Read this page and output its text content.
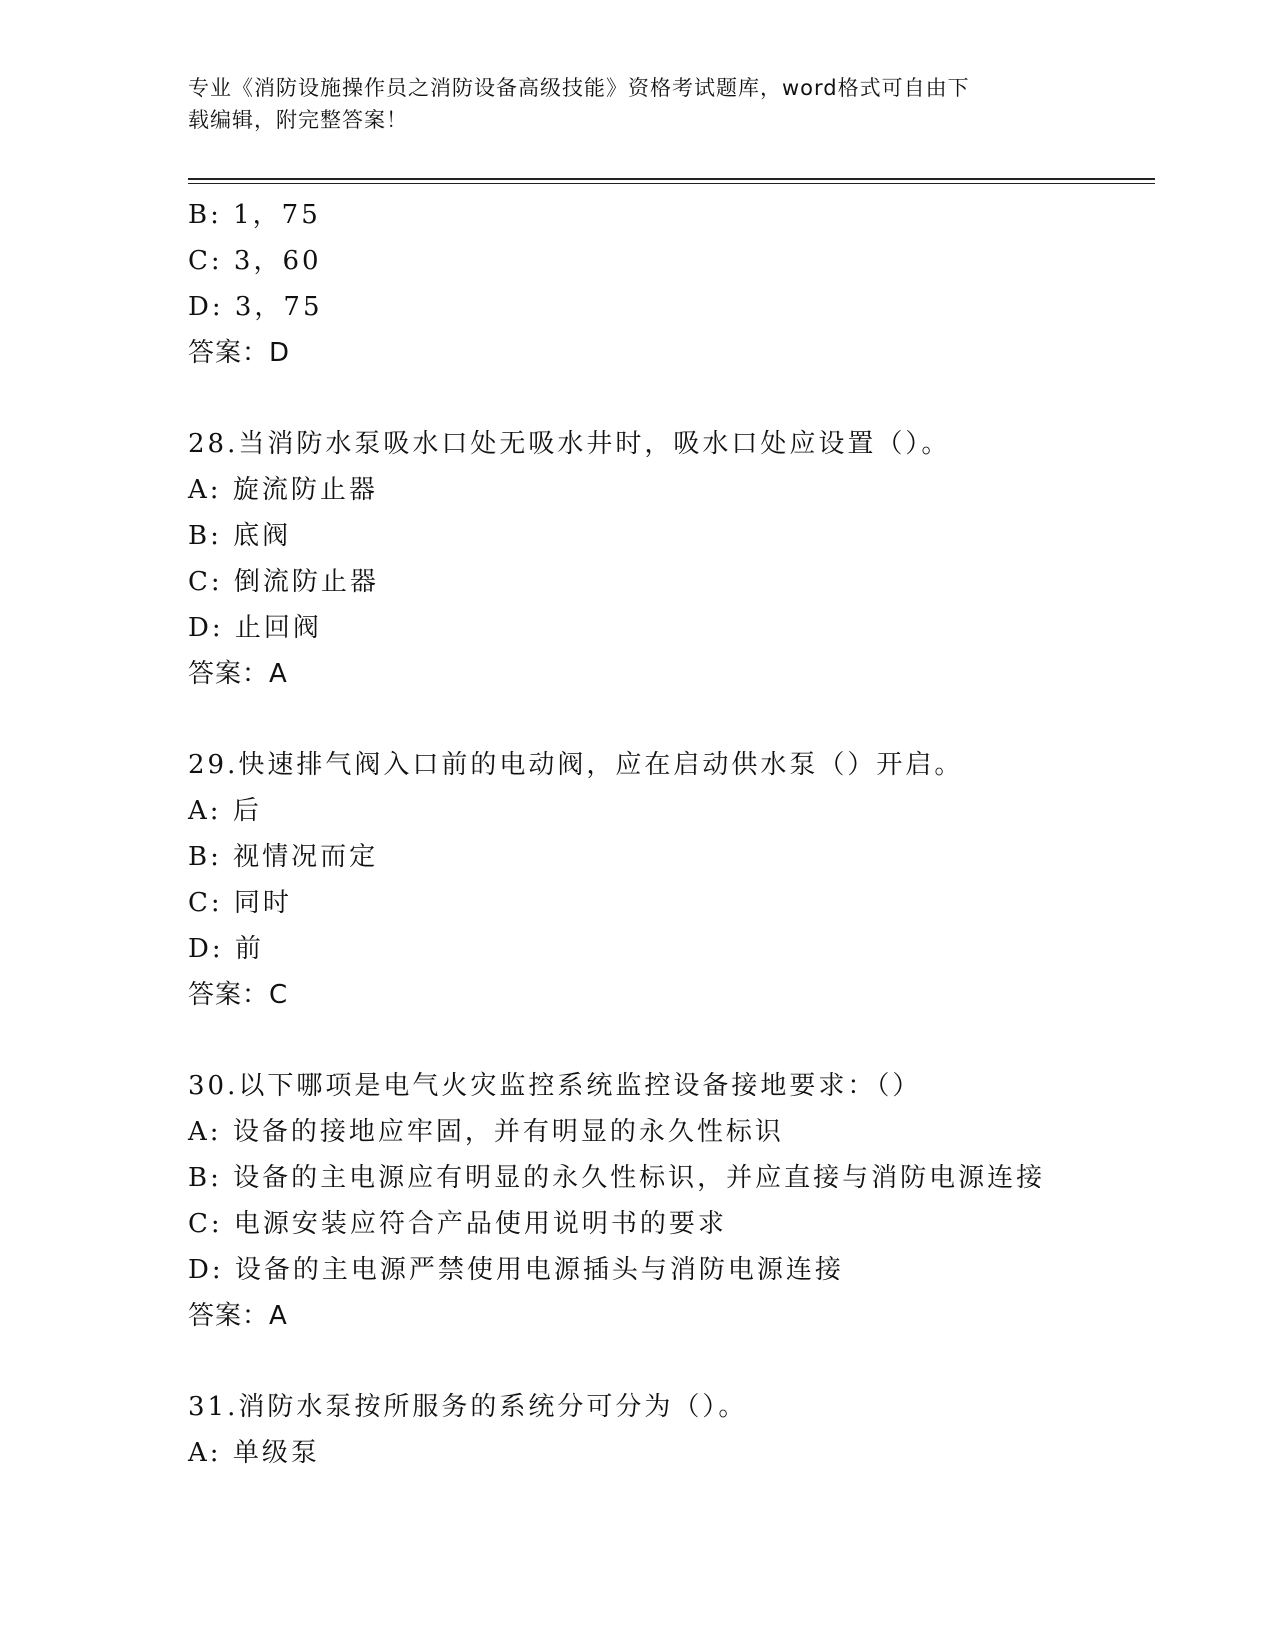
专业《消防设施操作员之消防设备高级技能》资格考试题库，word格式可自由下

载编辑，附完整答案！

B: 1，75
C: 3，60
D: 3，75
答案：D
28.当消防水泵吸水口处无吸水井时，吸水口处应设置（）。
A: 旋流防止器
B: 底阀
C: 倒流防止器
D: 止回阀
答案：A
29.快速排气阀入口前的电动阀，应在启动供水泵（）开启。
A: 后
B: 视情况而定
C: 同时
D: 前
答案：C
30.以下哪项是电气火灾监控系统监控设备接地要求：（）
A: 设备的接地应牢固，并有明显的永久性标识
B: 设备的主电源应有明显的永久性标识，并应直接与消防电源连接
C: 电源安装应符合产品使用说明书的要求
D: 设备的主电源严禁使用电源插头与消防电源连接
答案：A
31.消防水泵按所服务的系统分可分为（）。
A: 单级泵
